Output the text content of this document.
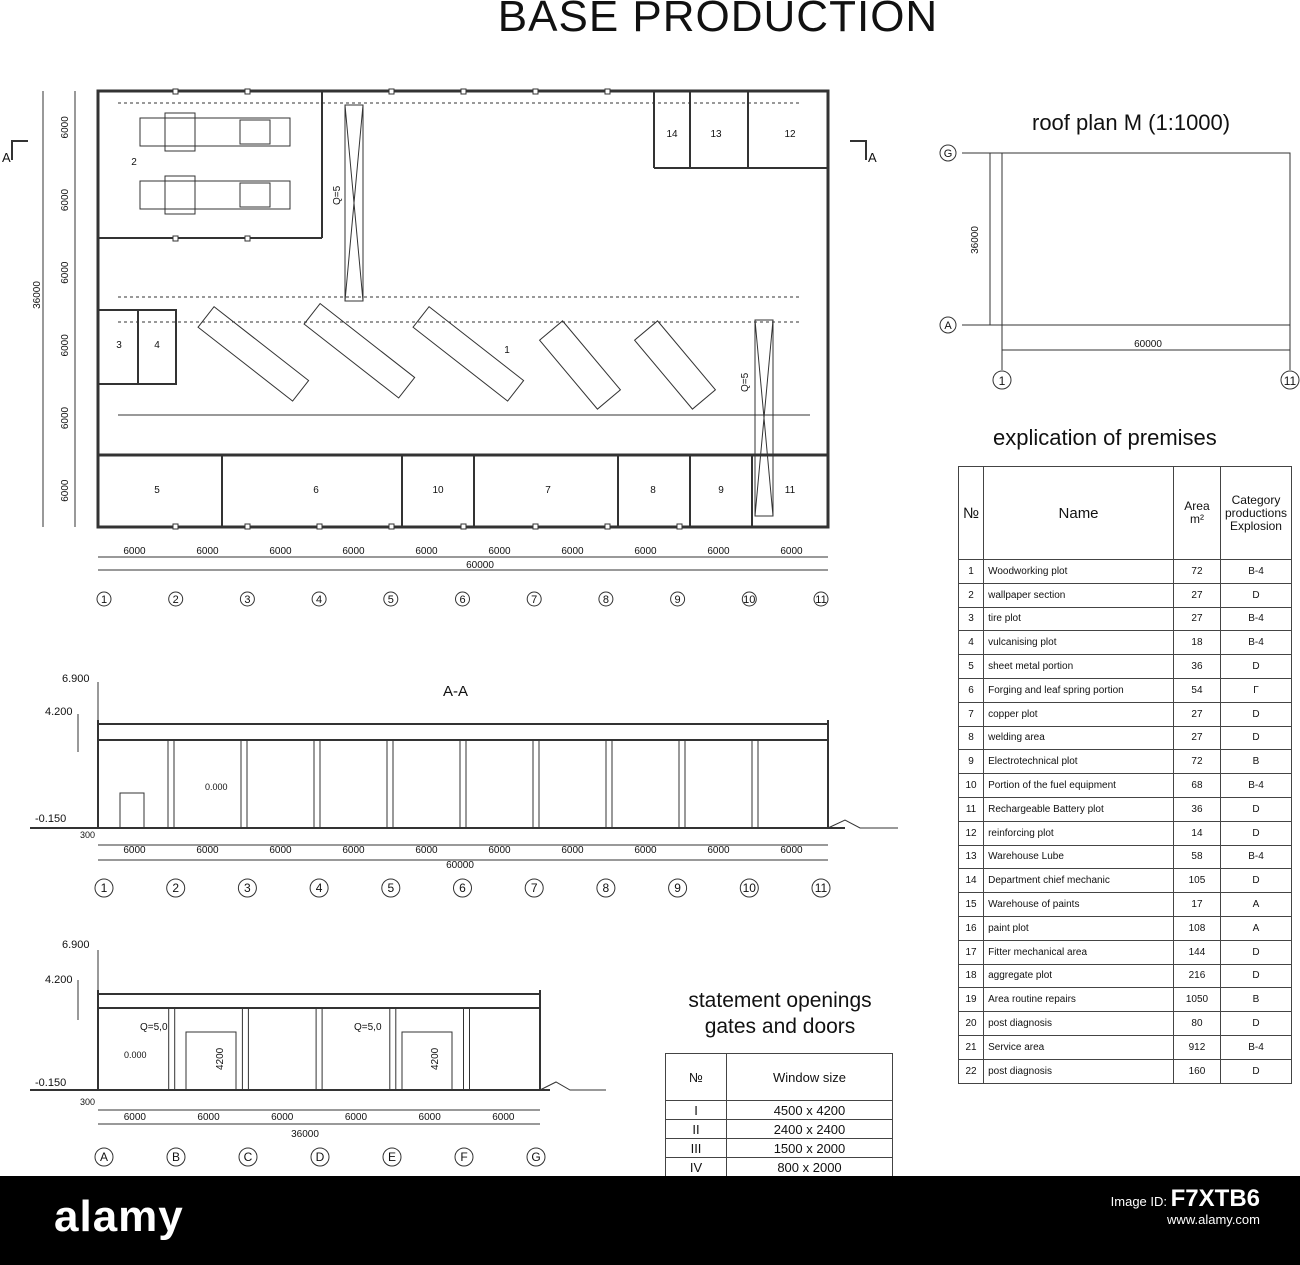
BASE PRODUCTION
G
A
1	11
60000
36000
A	A
Q=5
Q=5
2
14	13	12
3	4	1
5	6	10	7	8	9	11
6000	6000	6000	6000	6000	6000	6000	6000	6000	6000
60000
1	2	3	4	5	6	7	8	9	10	11
6000
6000
6000
6000
6000
6000
36000
6.900
4.200
0.000
-0.150
300
60000
6000	6000	6000	6000	6000	6000	6000	6000	6000	6000
1	2	3	4	5	6	7	8	9	10	11
6.900
4.200
0.000
-0.150
300
Q=5,0	Q=5,0
4200	4200
36000
6000	6000	6000	6000	6000	6000
A	B	C	D	E	F	G
roof plan M (1:1000)
A-A
explication of premises
statement openings gates and doors
№	Name	Area m²	Category productions Explosion
1	Woodworking plot	72	B-4
2	wallpaper section	27	D
3	tire plot	27	B-4
4	vulcanising plot	18	B-4
5	sheet metal portion	36	D
6	Forging and leaf spring portion	54	Г
7	copper plot	27	D
8	welding area	27	D
9	Electrotechnical plot	72	B
10	Portion of the fuel equipment	68	B-4
11	Rechargeable Battery plot	36	D
12	reinforcing plot	14	D
13	Warehouse Lube	58	B-4
14	Department chief mechanic	105	D
15	Warehouse of paints	17	A
16	paint plot	108	A
17	Fitter mechanical area	144	D
18	aggregate plot	216	D
19	Area routine repairs	1050	B
20	post diagnosis	80	D
21	Service area	912	B-4
22	post diagnosis	160	D
№	Window size
I	4500 x 4200
II	2400 x 2400
III	1500 x 2000
IV	800 x 2000
alamy	Image ID: F7XTB6
www.alamy.com
